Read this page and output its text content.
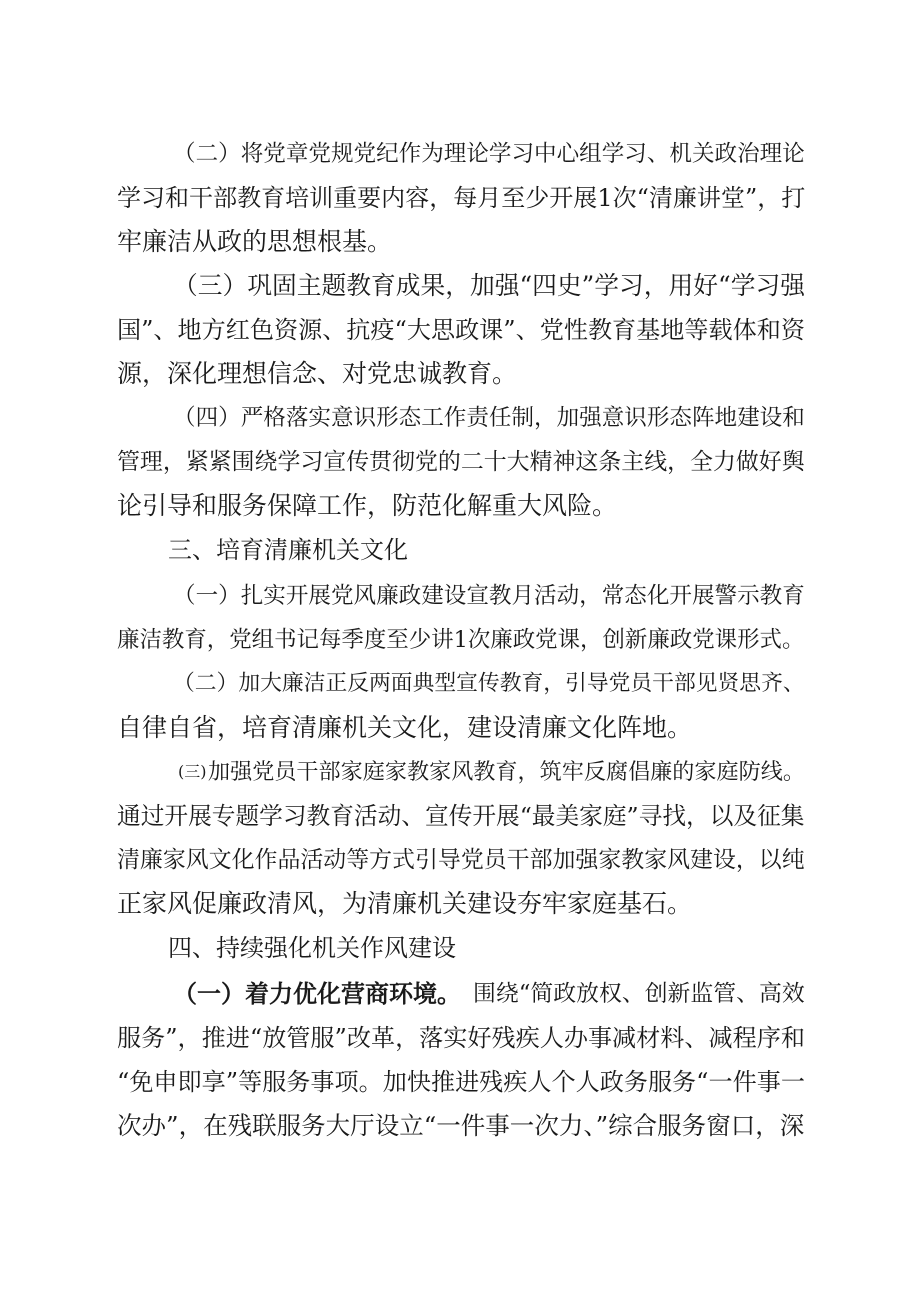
（二）将党章党规党纪作为理论学习中心组学习、机关政治理论
学习和干部教育培训重要内容，每月至少开展1次“清廉讲堂”，打
牢廉洁从政的思想根基。
（三）巩固主题教育成果，加强“四史”学习，用好“学习强
国”、地方红色资源、抗疫“大思政课”、党性教育基地等载体和资
源，深化理想信念、对党忠诚教育。
（四）严格落实意识形态工作责任制，加强意识形态阵地建设和
管理，紧紧围绕学习宣传贯彻党的二十大精神这条主线，全力做好舆
论引导和服务保障工作，防范化解重大风险。
三、培育清廉机关文化
（一）扎实开展党风廉政建设宣教月活动，常态化开展警示教育
廉洁教育，党组书记每季度至少讲1次廉政党课，创新廉政党课形式。
（二）加大廉洁正反两面典型宣传教育，引导党员干部见贤思齐、
自律自省，培育清廉机关文化，建设清廉文化阵地。
(三) 加强党员干部家庭家教家风教育，筑牢反腐倡廉的家庭防线。
通过开展专题学习教育活动、宣传开展“最美家庭”寻找，以及征集
清廉家风文化作品活动等方式引导党员干部加强家教家风建设，以纯
正家风促廉政清风，为清廉机关建设夯牢家庭基石。
四、持续强化机关作风建设
（一）着力优化营商环境。 围绕“简政放权、创新监管、高效
服务”，推进“放管服”改革，落实好残疾人办事减材料、减程序和
“免申即享”等服务事项。加快推进残疾人个人政务服务“一件事一
次办”，在残联服务大厅设立“一件事一次力、”综合服务窗口，深
